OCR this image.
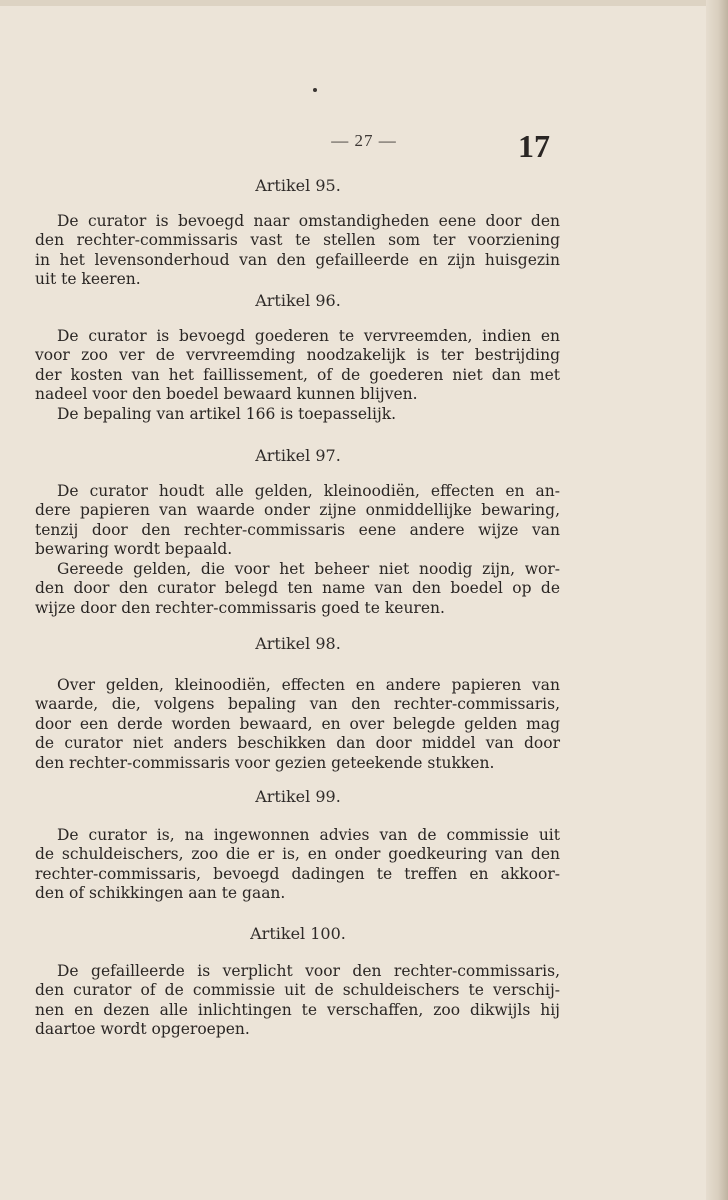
— 27 —	17
Artikel 95.
De curator is bevoegd naar omstandigheden eene door den
den rechter-commissaris vast te stellen som ter voorziening
in het levensonderhoud van den gefailleerde en zijn huisgezin
uit te keeren.
Artikel 96.
De curator is bevoegd goederen te vervreemden, indien en
voor zoo ver de vervreemding noodzakelijk is ter bestrijding
der kosten van het faillissement, of de goederen niet dan met
nadeel voor den boedel bewaard kunnen blijven.
De bepaling van artikel 166 is toepasselijk.
Artikel 97.
De curator houdt alle gelden, kleinoodiën, effecten en an-
dere papieren van waarde onder zijne onmiddellijke bewaring,
tenzij door den rechter-commissaris eene andere wijze van
bewaring wordt bepaald.
Gereede gelden, die voor het beheer niet noodig zijn, wor-
den door den curator belegd ten name van den boedel op de
wijze door den rechter-commissaris goed te keuren.
Artikel 98.
Over gelden, kleinoodiën, effecten en andere papieren van
waarde, die, volgens bepaling van den rechter-commissaris,
door een derde worden bewaard, en over belegde gelden mag
de curator niet anders beschikken dan door middel van door
den rechter-commissaris voor gezien geteekende stukken.
Artikel 99.
De curator is, na ingewonnen advies van de commissie uit
de schuldeischers, zoo die er is, en onder goedkeuring van den
rechter-commissaris, bevoegd dadingen te treffen en akkoor-
den of schikkingen aan te gaan.
Artikel 100.
De gefailleerde is verplicht voor den rechter-commissaris,
den curator of de commissie uit de schuldeischers te verschij-
nen en dezen alle inlichtingen te verschaffen, zoo dikwijls hij
daartoe wordt opgeroepen.
